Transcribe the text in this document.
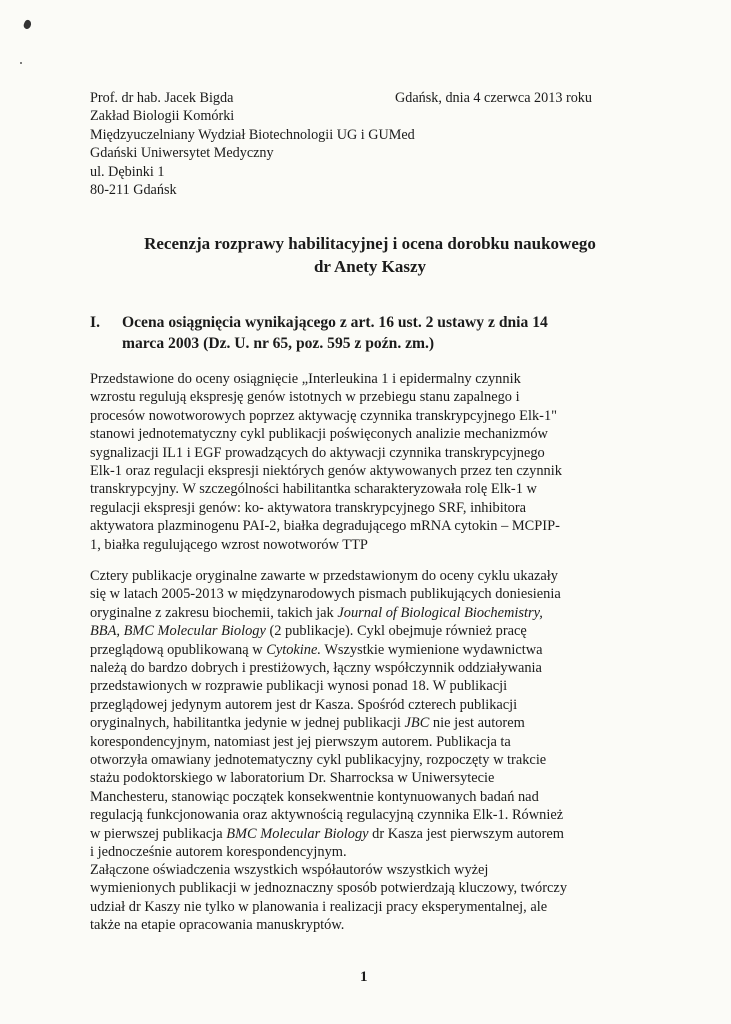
Prof. dr hab. Jacek Bigda
Zakład Biologii Komórki
Międzyuczelniany Wydział Biotechnologii UG i GUMed
Gdański Uniwersytet Medyczny
ul. Dębinki 1
80-211 Gdańsk
Gdańsk, dnia 4 czerwca 2013 roku
Recenzja rozprawy habilitacyjnej i ocena dorobku naukowego
dr Anety Kaszy
I. Ocena osiągnięcia wynikającego z art. 16 ust. 2 ustawy z dnia 14
marca 2003 (Dz. U. nr 65, poz. 595 z poźn. zm.)
Przedstawione do oceny osiągnięcie „Interleukina 1 i epidermalny czynnik
wzrostu regulują ekspresję genów istotnych w przebiegu stanu zapalnego i
procesów nowotworowych poprzez aktywację czynnika transkrypcyjnego Elk-1"
stanowi jednotematyczny cykl publikacji poświęconych analizie mechanizmów
sygnalizacji IL1 i EGF prowadzących do aktywacji czynnika transkrypcyjnego
Elk-1 oraz regulacji ekspresji niektórych genów aktywowanych przez ten czynnik
transkrypcyjny. W szczególności habilitantka scharakteryzowała rolę Elk-1 w
regulacji ekspresji genów: ko- aktywatora transkrypcyjnego SRF, inhibitora
aktywatora plazminogenu PAI-2, białka degradującego mRNA cytokin – MCPIP-
1, białka regulującego wzrost nowotworów TTP
Cztery publikacje oryginalne zawarte w przedstawionym do oceny cyklu ukazały
się w latach 2005-2013 w międzynarodowych pismach publikujących doniesienia
oryginalne z zakresu biochemii, takich jak Journal of Biological Biochemistry,
BBA, BMC Molecular Biology (2 publikacje). Cykl obejmuje również pracę
przeglądową opublikowaną w Cytokine. Wszystkie wymienione wydawnictwa
należą do bardzo dobrych i prestiżowych, łączny współczynnik oddziaływania
przedstawionych w rozprawie publikacji wynosi ponad 18. W publikacji
przeglądowej jedynym autorem jest dr Kasza. Spośród czterech publikacji
oryginalnych, habilitantka jedynie w jednej publikacji JBC nie jest autorem
korespondencyjnym, natomiast jest jej pierwszym autorem. Publikacja ta
otworzyła omawiany jednotematyczny cykl publikacyjny, rozpoczęty w trakcie
stażu podoktorskiego w laboratorium Dr. Sharrocksa w Uniwersytecie
Manchesteru, stanowiąc początek konsekwentnie kontynuowanych badań nad
regulacją funkcjonowania oraz aktywnością regulacyjną czynnika Elk-1. Również
w pierwszej publikacja BMC Molecular Biology dr Kasza jest pierwszym autorem
i jednocześnie autorem korespondencyjnym.
Załączone oświadczenia wszystkich współautorów wszystkich wyżej
wymienionych publikacji w jednoznaczny sposób potwierdzają kluczowy, twórczy
udział dr Kaszy nie tylko w planowania i realizacji pracy eksperymentalnej, ale
także na etapie opracowania manuskryptów.
1
